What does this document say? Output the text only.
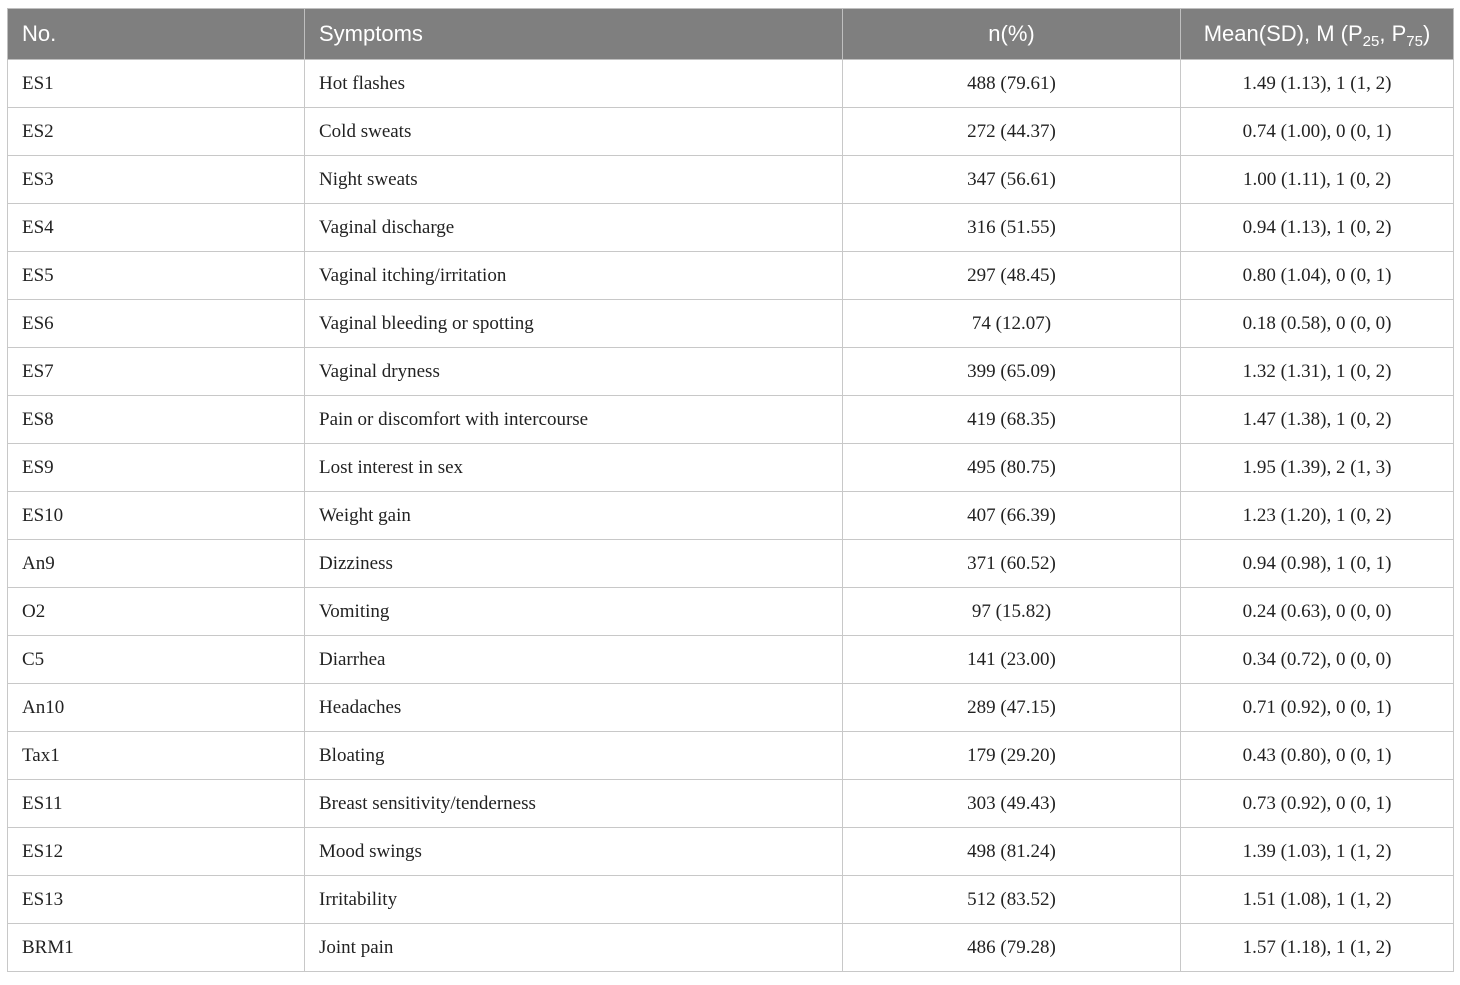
No.	Symptoms	n(%)	Mean(SD), M ($P_{25}$, $P_{75}$)
ES1	Hot flashes	488 (79.61)	1.49 (1.13), 1 (1, 2)
ES2	Cold sweats	272 (44.37)	0.74 (1.00), 0 (0, 1)
ES3	Night sweats	347 (56.61)	1.00 (1.11), 1 (0, 2)
ES4	Vaginal discharge	316 (51.55)	0.94 (1.13), 1 (0, 2)
ES5	Vaginal itching/irritation	297 (48.45)	0.80 (1.04), 0 (0, 1)
ES6	Vaginal bleeding or spotting	74 (12.07)	0.18 (0.58), 0 (0, 0)
ES7	Vaginal dryness	399 (65.09)	1.32 (1.31), 1 (0, 2)
ES8	Pain or discomfort with intercourse	419 (68.35)	1.47 (1.38), 1 (0, 2)
ES9	Lost interest in sex	495 (80.75)	1.95 (1.39), 2 (1, 3)
ES10	Weight gain	407 (66.39)	1.23 (1.20), 1 (0, 2)
An9	Dizziness	371 (60.52)	0.94 (0.98), 1 (0, 1)
O2	Vomiting	97 (15.82)	0.24 (0.63), 0 (0, 0)
C5	Diarrhea	141 (23.00)	0.34 (0.72), 0 (0, 0)
An10	Headaches	289 (47.15)	0.71 (0.92), 0 (0, 1)
Tax1	Bloating	179 (29.20)	0.43 (0.80), 0 (0, 1)
ES11	Breast sensitivity/tenderness	303 (49.43)	0.73 (0.92), 0 (0, 1)
ES12	Mood swings	498 (81.24)	1.39 (1.03), 1 (1, 2)
ES13	Irritability	512 (83.52)	1.51 (1.08), 1 (1, 2)
BRM1	Joint pain	486 (79.28)	1.57 (1.18), 1 (1, 2)
